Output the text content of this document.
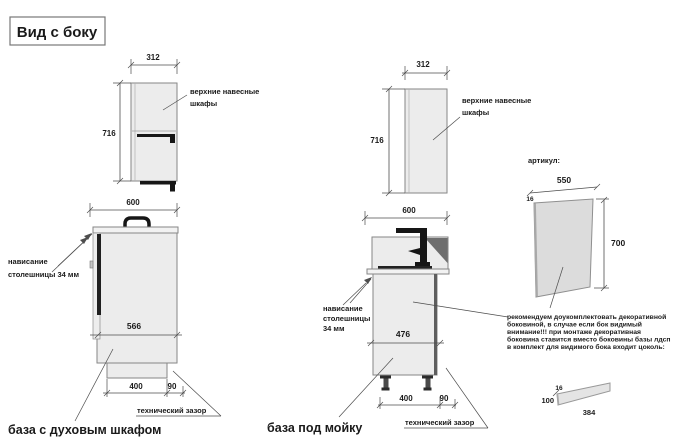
Вид с боку
312
716
верхние навесные
шкафы
600
566
400	90
нависание
столешницы 34 мм
технический зазор
база с духовым шкафом
312
716
верхние навесные
шкафы
600
476
400	90
нависание
столешницы
34 мм
технический зазор
база под мойку
артикул:
550
16
700
рекомендуем доукомплектовать декоративной
боковиной, в случае если бок видимый
внимание!!! при монтаже декоративная
боковина ставится вместо боковины базы лдсп
в комплект для видимого бока входит цоколь:
16
100
384
